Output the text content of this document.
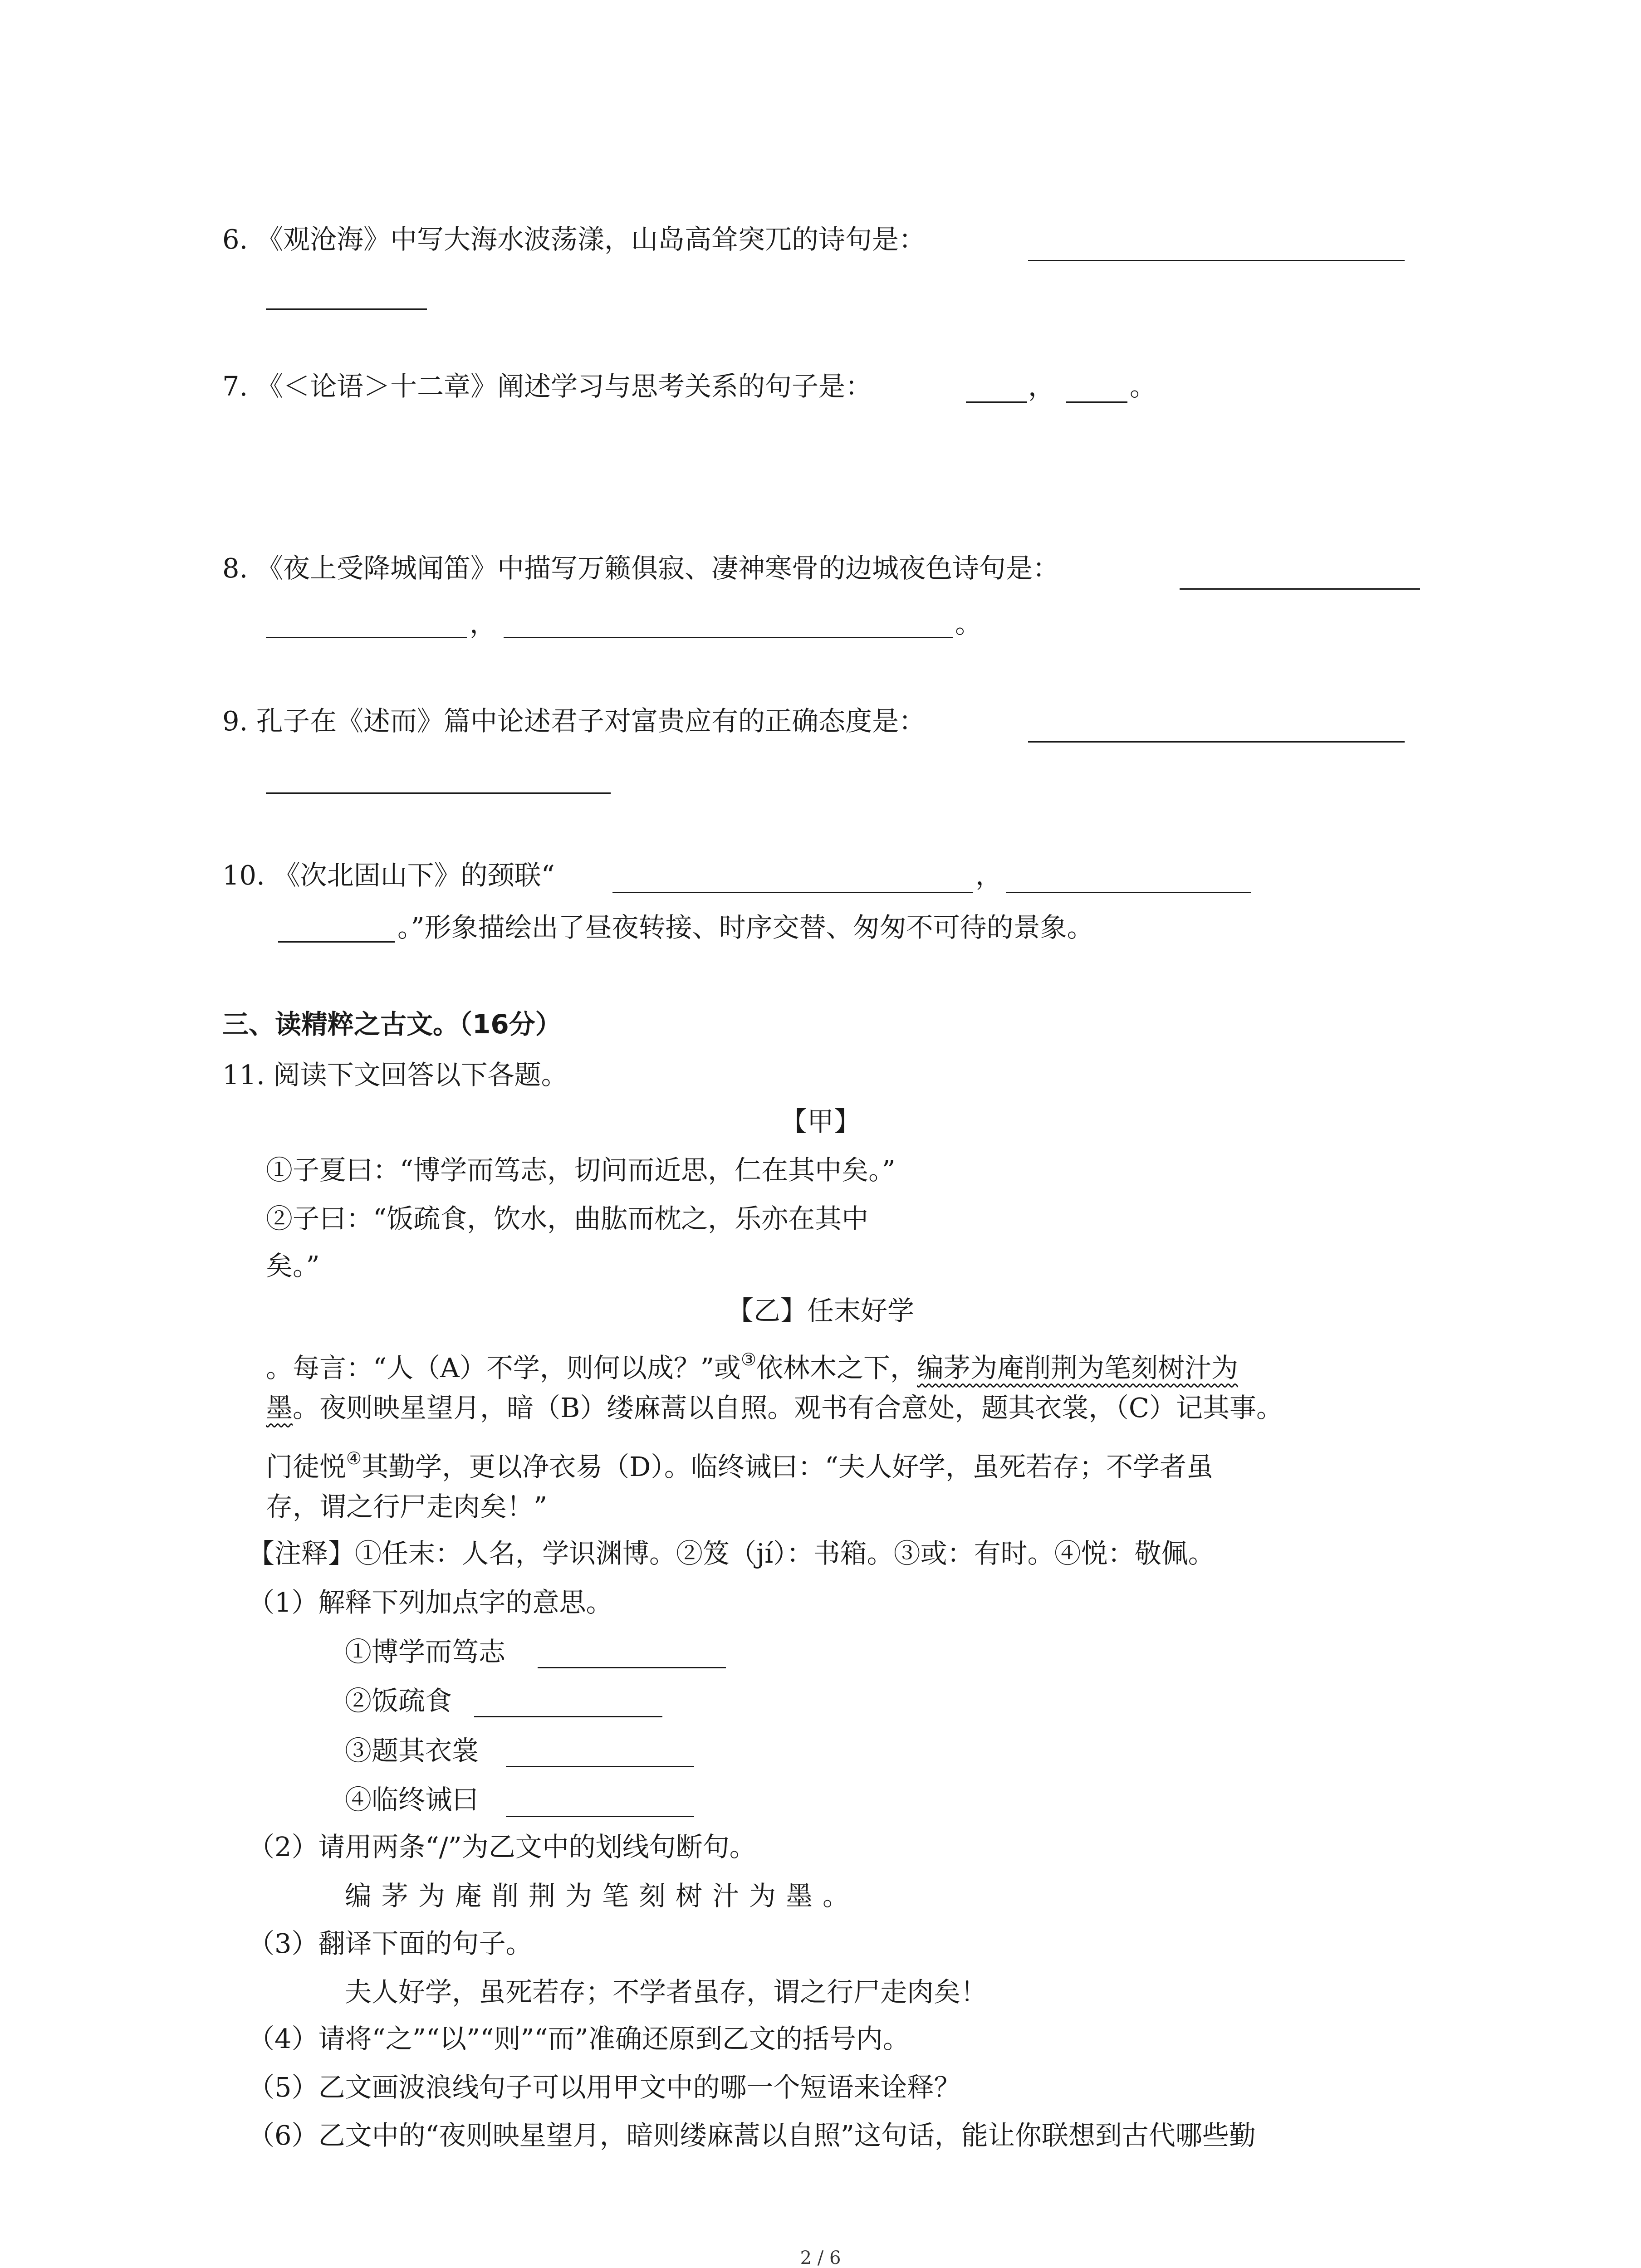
6. 《观沧海》中写大海水波荡漾，山岛高耸突兀的诗句是：
7. 《＜论语＞十二章》阐述学习与思考关系的句子是：	，	。
8. 《夜上受降城闻笛》中描写万籁俱寂、凄神寒骨的边城夜色诗句是：
，	。
9. 孔子在《述而》篇中论述君子对富贵应有的正确态度是：
10. 《次北固山下》的颈联“	，
。”形象描绘出了昼夜转接、时序交替、匆匆不可待的景象。
三、读精粹之古文。（16分）
11. 阅读下文回答以下各题。
【甲】
①子夏曰：“博学而笃志，切问而近思，仁在其中矣。”
②子曰：“饭疏食，饮水，曲肱而枕之，乐亦在其中
矣。”
【乙】任末好学
。每言：“人（A）不学，则何以成？”或③依林木之下，编茅为庵削荆为笔刻树汁为
墨。夜则映星望月，暗（B）缕麻蒿以自照。观书有合意处，题其衣裳，（C）记其事。
门徒悦④其勤学，更以净衣易（D）。临终诫曰：“夫人好学，虽死若存；不学者虽
存，谓之行尸走肉矣！”
【注释】①任末：人名，学识渊博。②笈（jí）：书箱。③或：有时。④悦：敬佩。
（1）解释下列加点字的意思。
①博学而笃志
②饭疏食
③题其衣裳
④临终诫曰
（2）请用两条“/”为乙文中的划线句断句。
编茅为庵削荆为笔刻树汁为墨。
（3）翻译下面的句子。
夫人好学，虽死若存；不学者虽存，谓之行尸走肉矣！
（4）请将“之”“以”“则”“而”准确还原到乙文的括号内。
（5）乙文画波浪线句子可以用甲文中的哪一个短语来诠释？
（6）乙文中的“夜则映星望月，暗则缕麻蒿以自照”这句话，能让你联想到古代哪些勤
2 / 6
